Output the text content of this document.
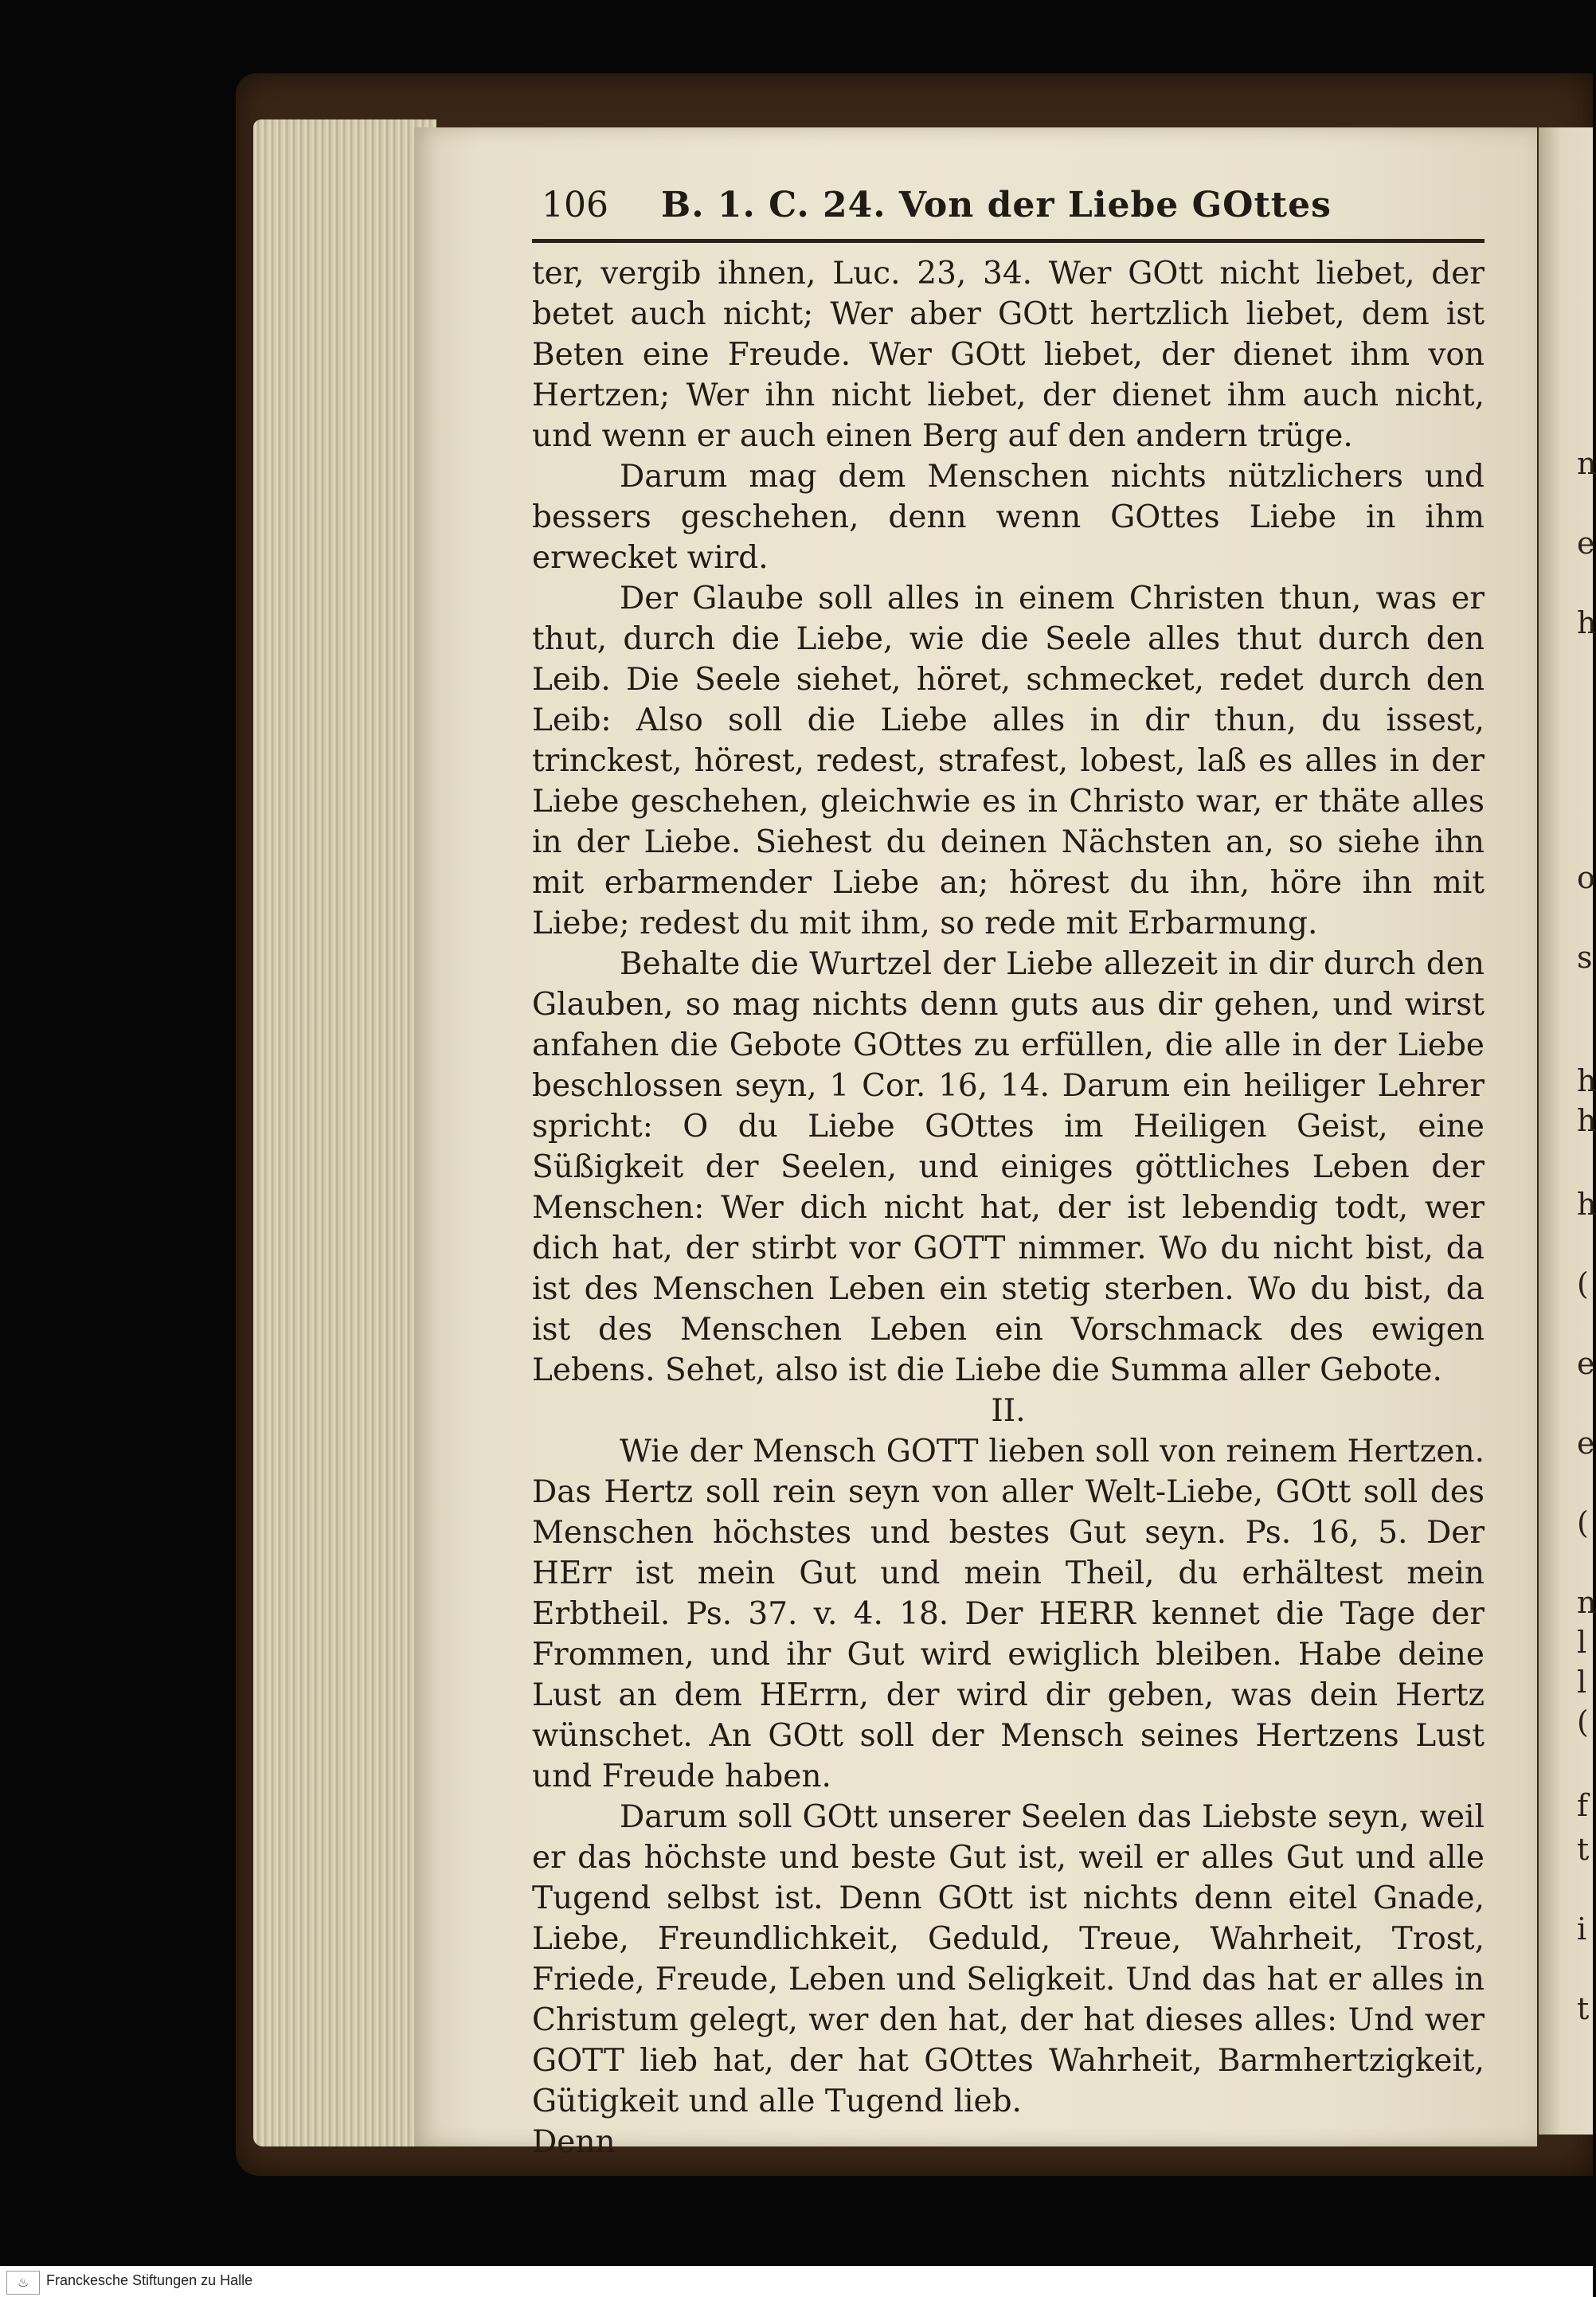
n
e
h
o
s
h
h
h
(
e
e
(
n
l
l
(
f
t
i
t
106 B. 1. C. 24. Von der Liebe GOttes

ter, vergib ihnen, Luc. 23, 34. Wer GOtt nicht liebet, der betet auch nicht; Wer aber GOtt hertzlich liebet, dem ist Beten eine Freude. Wer GOtt liebet, der dienet ihm von Hertzen; Wer ihn nicht liebet, der dienet ihm auch nicht, und wenn er auch einen Berg auf den andern trüge.

Darum mag dem Menschen nichts nützlichers und bessers geschehen, denn wenn GOttes Liebe in ihm erwecket wird.

Der Glaube soll alles in einem Christen thun, was er thut, durch die Liebe, wie die Seele alles thut durch den Leib. Die Seele siehet, höret, schmecket, redet durch den Leib: Also soll die Liebe alles in dir thun, du issest, trinckest, hörest, redest, strafest, lobest, laß es alles in der Liebe geschehen, gleichwie es in Christo war, er thäte alles in der Liebe. Siehest du deinen Nächsten an, so siehe ihn mit erbarmender Liebe an; hörest du ihn, höre ihn mit Liebe; redest du mit ihm, so rede mit Erbarmung.

Behalte die Wurtzel der Liebe allezeit in dir durch den Glauben, so mag nichts denn guts aus dir gehen, und wirst anfahen die Gebote GOttes zu erfüllen, die alle in der Liebe beschlossen seyn, 1 Cor. 16, 14. Darum ein heiliger Lehrer spricht: O du Liebe GOttes im Heiligen Geist, eine Süßigkeit der Seelen, und einiges göttliches Leben der Menschen: Wer dich nicht hat, der ist lebendig todt, wer dich hat, der stirbt vor GOTT nimmer. Wo du nicht bist, da ist des Menschen Leben ein stetig sterben. Wo du bist, da ist des Menschen Leben ein Vorschmack des ewigen Lebens. Sehet, also ist die Liebe die Summa aller Gebote.

II.

Wie der Mensch GOTT lieben soll von reinem Hertzen. Das Hertz soll rein seyn von aller Welt-Liebe, GOtt soll des Menschen höchstes und bestes Gut seyn. Ps. 16, 5. Der HErr ist mein Gut und mein Theil, du erhältest mein Erbtheil. Ps. 37. v. 4. 18. Der HERR kennet die Tage der Frommen, und ihr Gut wird ewiglich bleiben. Habe deine Lust an dem HErrn, der wird dir geben, was dein Hertz wünschet. An GOtt soll der Mensch seines Hertzens Lust und Freude haben.

Darum soll GOtt unserer Seelen das Liebste seyn, weil er das höchste und beste Gut ist, weil er alles Gut und alle Tugend selbst ist. Denn GOtt ist nichts denn eitel Gnade, Liebe, Freundlichkeit, Geduld, Treue, Wahrheit, Trost, Friede, Freude, Leben und Seligkeit. Und das hat er alles in Christum gelegt, wer den hat, der hat dieses alles: Und wer GOTT lieb hat, der hat GOttes Wahrheit, Barmhertzigkeit, Gütigkeit und alle Tugend lieb.

Denn

♨	Franckesche Stiftungen zu Halle
